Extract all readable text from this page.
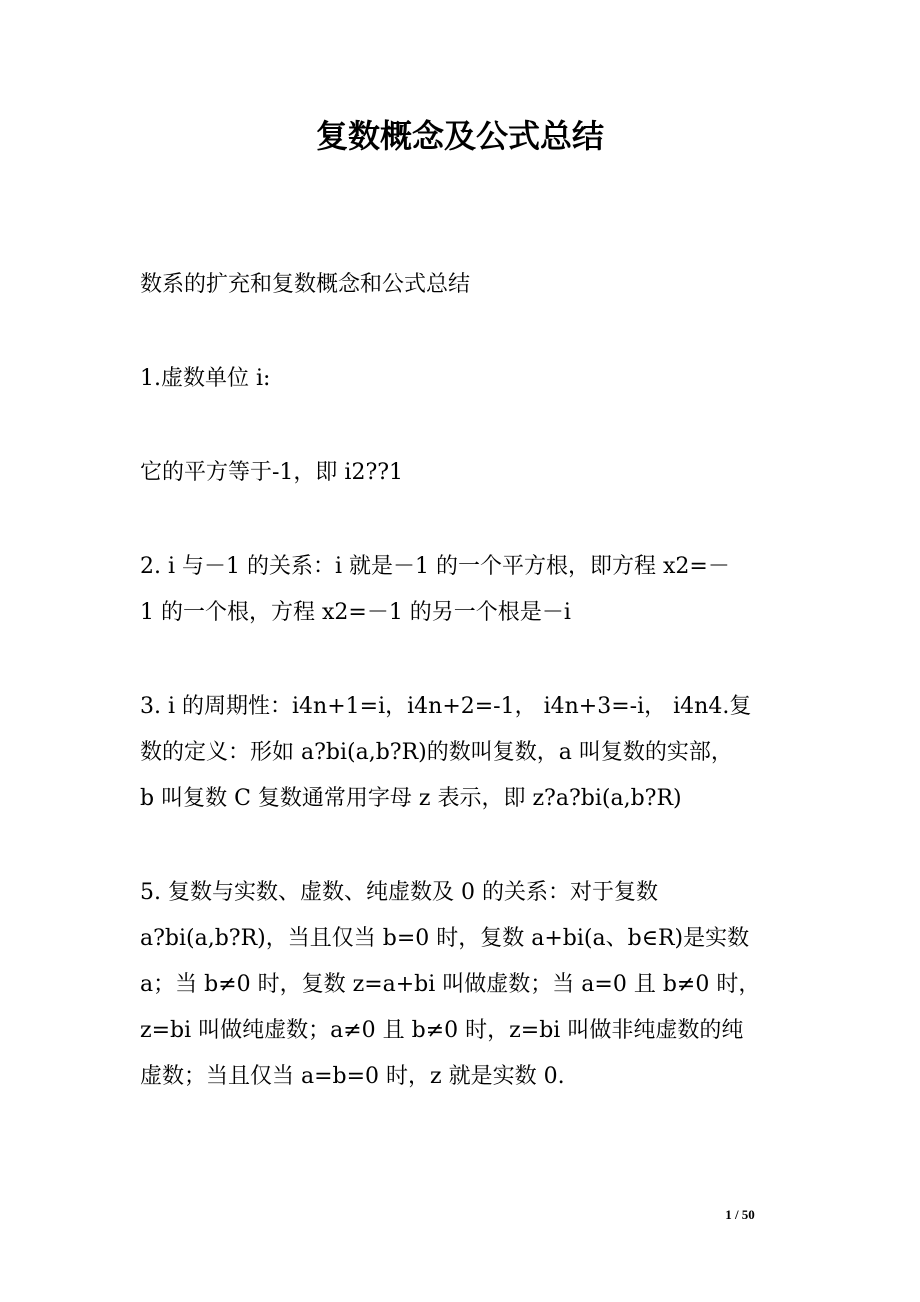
复数概念及公式总结

数系的扩充和复数概念和公式总结

1.虚数单位 i:

它的平方等于-1，即 i2??1

2. i 与－1 的关系：i 就是－1 的一个平方根，即方程 x2=－
1 的一个根，方程 x2=－1 的另一个根是－i

3. i 的周期性：i4n+1=i，i4n+2=-1， i4n+3=-i， i4n4.复
数的定义：形如 a?bi(a,b?R)的数叫复数，a 叫复数的实部，
b 叫复数 C 复数通常用字母 z 表示，即 z?a?bi(a,b?R)

5. 复数与实数、虚数、纯虚数及 0 的关系：对于复数
a?bi(a,b?R)，当且仅当 b=0 时，复数 a+bi(a、b∈R)是实数
a；当 b≠0 时，复数 z=a+bi 叫做虚数；当 a=0 且 b≠0 时，
z=bi 叫做纯虚数；a≠0 且 b≠0 时，z=bi 叫做非纯虚数的纯
虚数；当且仅当 a=b=0 时，z 就是实数 0.

1 / 50
